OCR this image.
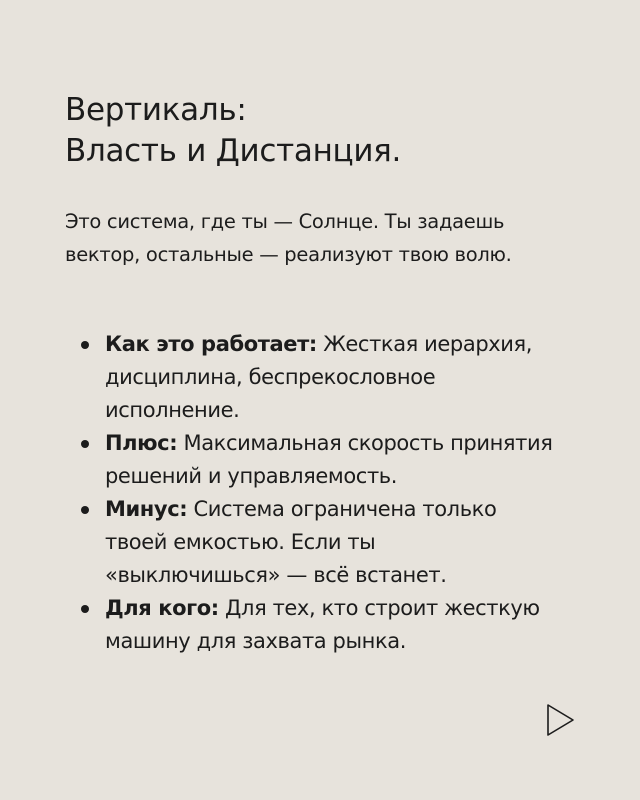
Вертикаль:
Власть и Дистанция.

Это система, где ты — Солнце. Ты задаешь вектор, остальные — реализуют твою волю.

Как это работает: Жесткая иерархия, дисциплина, беспрекословное исполнение.
Плюс: Максимальная скорость принятия решений и управляемость.
Минус: Система ограничена только твоей емкостью. Если ты «выключишься» — всё встанет.
Для кого: Для тех, кто строит жесткую машину для захвата рынка.
